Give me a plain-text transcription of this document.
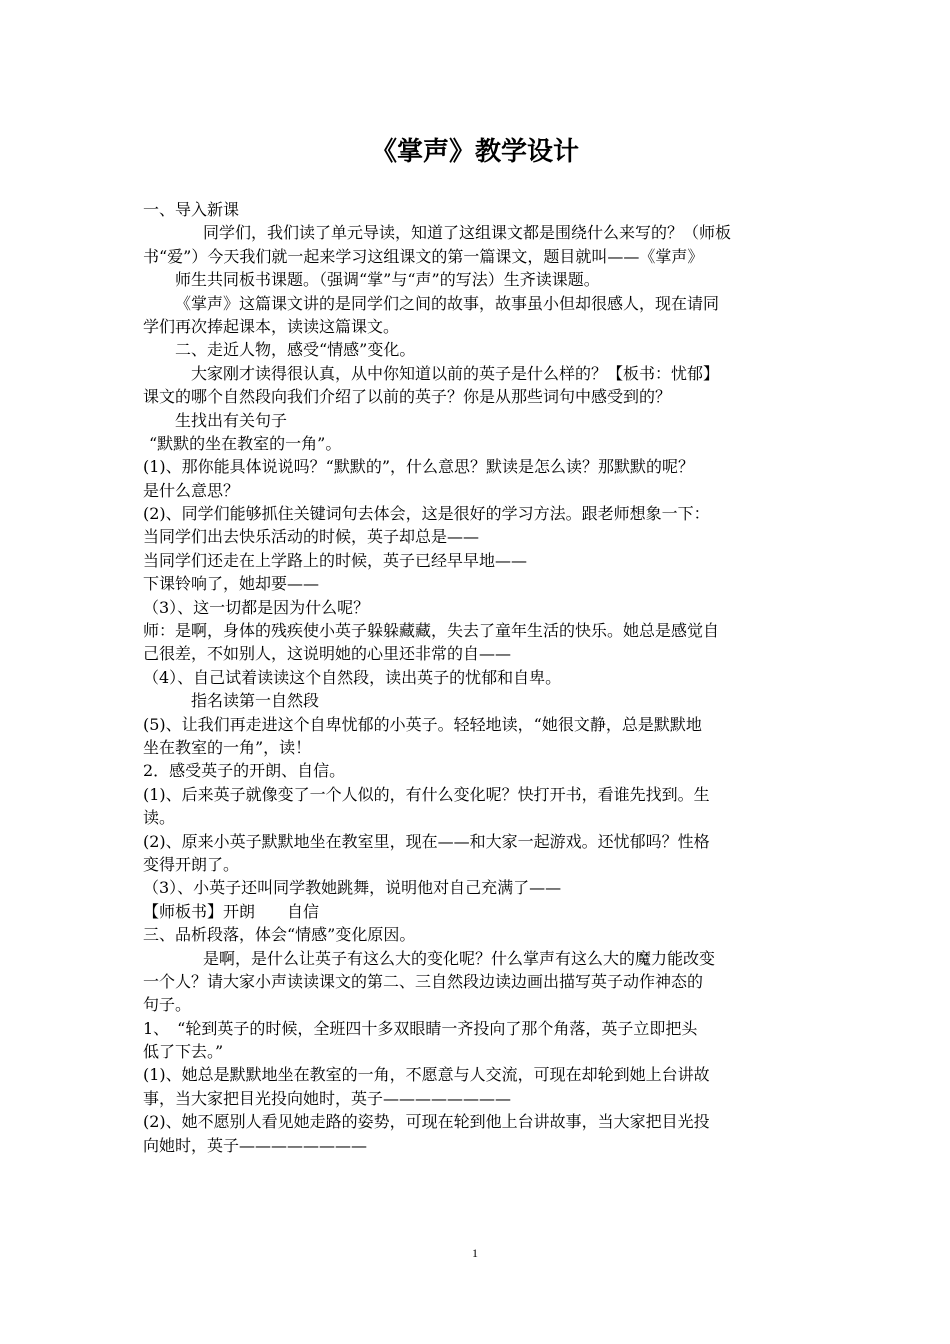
《掌声》教学设计
一、导入新课
同学们，我们读了单元导读，知道了这组课文都是围绕什么来写的？（师板
书“爱”）今天我们就一起来学习这组课文的第一篇课文，题目就叫——《掌声》
师生共同板书课题。（强调“掌”与“声”的写法）生齐读课题。
《掌声》这篇课文讲的是同学们之间的故事，故事虽小但却很感人，现在请同
学们再次捧起课本，读读这篇课文。
二、走近人物，感受“情感”变化。
大家刚才读得很认真，从中你知道以前的英子是什么样的？【板书：忧郁】
课文的哪个自然段向我们介绍了以前的英子？你是从那些词句中感受到的？
生找出有关句子
“默默的坐在教室的一角”。
(1)、那你能具体说说吗？“默默的”，什么意思？默读是怎么读？那默默的呢？
是什么意思？
(2)、同学们能够抓住关键词句去体会，这是很好的学习方法。跟老师想象一下：
当同学们出去快乐活动的时候，英子却总是——
当同学们还走在上学路上的时候，英子已经早早地——
下课铃响了，她却要——
（3）、这一切都是因为什么呢？
师：是啊，身体的残疾使小英子躲躲藏藏，失去了童年生活的快乐。她总是感觉自
己很差，不如别人，这说明她的心里还非常的自——
（4）、自己试着读读这个自然段，读出英子的忧郁和自卑。
指名读第一自然段
(5)、让我们再走进这个自卑忧郁的小英子。轻轻地读，“她很文静，总是默默地
坐在教室的一角”，读！
2．感受英子的开朗、自信。
(1)、后来英子就像变了一个人似的，有什么变化呢？快打开书，看谁先找到。生
读。
(2)、原来小英子默默地坐在教室里，现在——和大家一起游戏。还忧郁吗？性格
变得开朗了。
（3）、小英子还叫同学教她跳舞，说明他对自己充满了——
【师板书】开朗　　自信
三、品析段落，体会“情感”变化原因。
是啊，是什么让英子有这么大的变化呢？什么掌声有这么大的魔力能改变
一个人？请大家小声读读课文的第二、三自然段边读边画出描写英子动作神态的
句子。
1、　“轮到英子的时候，全班四十多双眼睛一齐投向了那个角落，英子立即把头
低了下去。”
(1)、她总是默默地坐在教室的一角，不愿意与人交流，可现在却轮到她上台讲故
事，当大家把目光投向她时，英子————————
(2)、她不愿别人看见她走路的姿势，可现在轮到他上台讲故事，当大家把目光投
向她时，英子————————
1
